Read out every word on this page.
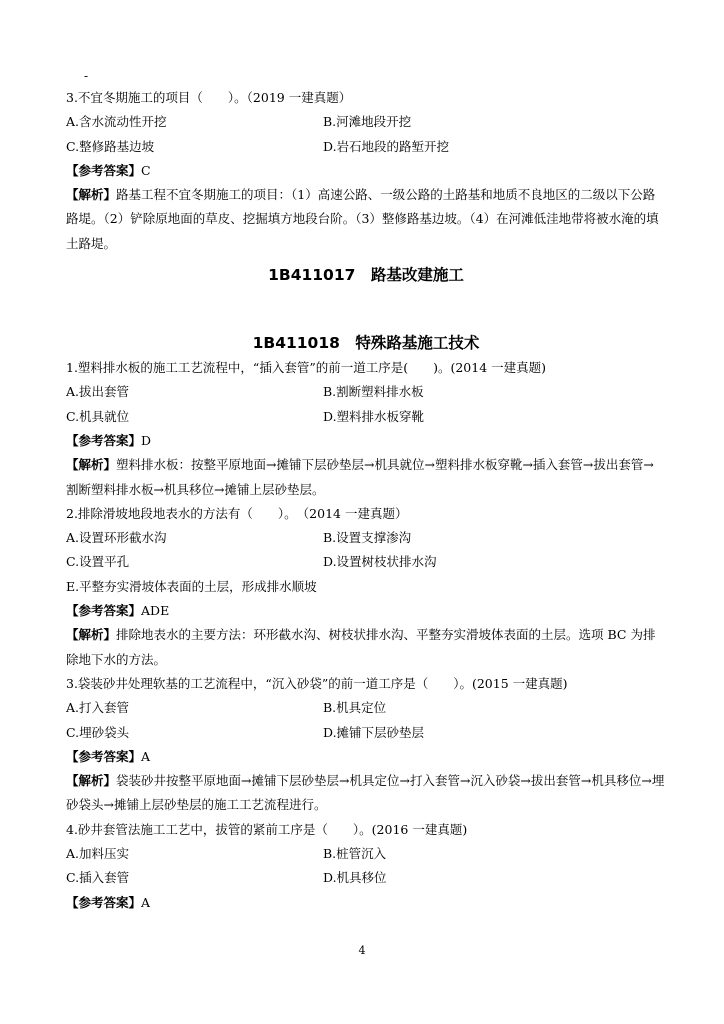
-
3.不宜冬期施工的项目（　　）。（2019 一建真题）
A.含水流动性开挖	B.河滩地段开挖
C.整修路基边坡	D.岩石地段的路堑开挖
【参考答案】C
【解析】路基工程不宜冬期施工的项目：（1）高速公路、一级公路的土路基和地质不良地区的二级以下公路路堤。（2）铲除原地面的草皮、挖掘填方地段台阶。（3）整修路基边坡。（4）在河滩低洼地带将被水淹的填土路堤。
1B411017　路基改建施工
1B411018　特殊路基施工技术
1.塑料排水板的施工工艺流程中，“插入套管”的前一道工序是(　　)。(2014 一建真题)
A.拔出套管	B.割断塑料排水板
C.机具就位	D.塑料排水板穿靴
【参考答案】D
【解析】塑料排水板：按整平原地面→摊铺下层砂垫层→机具就位→塑料排水板穿靴→插入套管→拔出套管→割断塑料排水板→机具移位→摊铺上层砂垫层。
2.排除滑坡地段地表水的方法有（　　）。　（2014 一建真题）
A.设置环形截水沟	B.设置支撑渗沟
C.设置平孔	D.设置树枝状排水沟
E.平整夯实滑坡体表面的土层，形成排水顺坡
【参考答案】ADE
【解析】排除地表水的主要方法：环形截水沟、树枝状排水沟、平整夯实滑坡体表面的土层。选项 BC 为排除地下水的方法。
3.袋装砂井处理软基的工艺流程中，“沉入砂袋”的前一道工序是（　　）。(2015 一建真题)
A.打入套管	B.机具定位
C.埋砂袋头	D.摊铺下层砂垫层
【参考答案】A
【解析】袋装砂井按整平原地面→摊铺下层砂垫层→机具定位→打入套管→沉入砂袋→拔出套管→机具移位→埋砂袋头→摊铺上层砂垫层的施工工艺流程进行。
4.砂井套管法施工工艺中，拔管的紧前工序是（　　）。(2016 一建真题)
A.加料压实	B.桩管沉入
C.插入套管	D.机具移位
【参考答案】A
4
